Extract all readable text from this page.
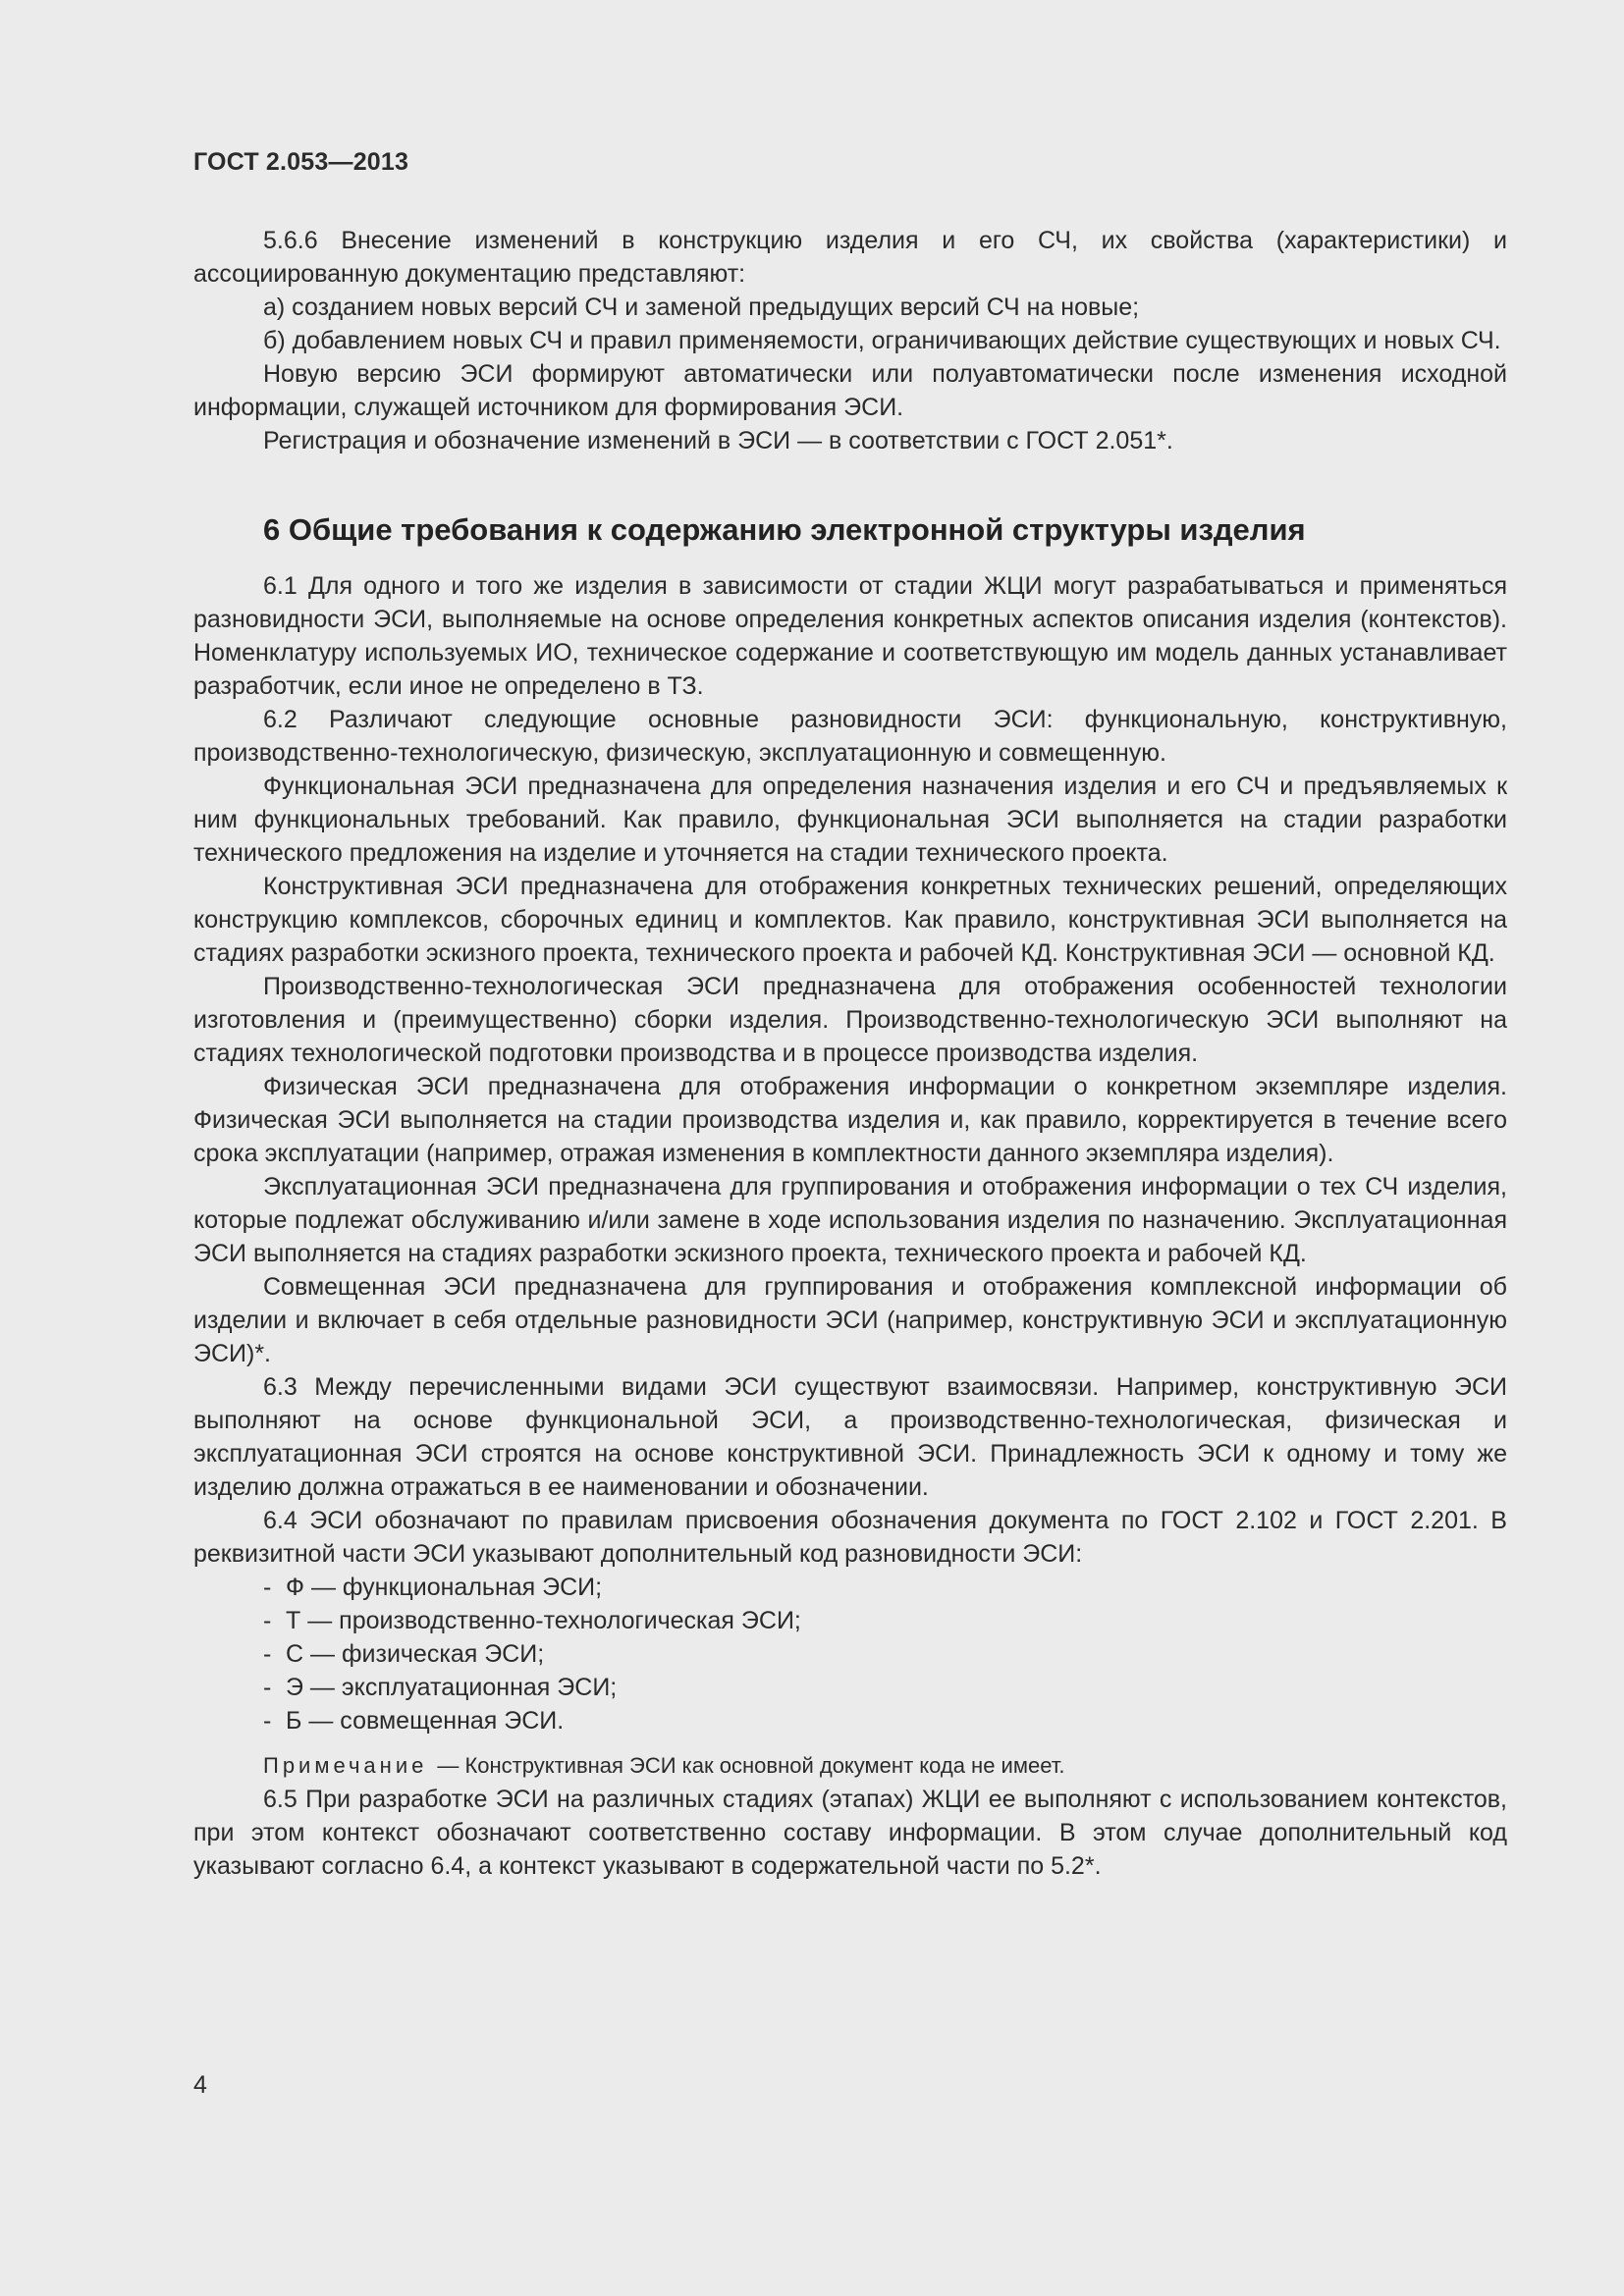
ГОСТ 2.053—2013

5.6.6 Внесение изменений в конструкцию изделия и его СЧ, их свойства (характеристики) и ассоциированную документацию представляют:

а) созданием новых версий СЧ и заменой предыдущих версий СЧ на новые;

б) добавлением новых СЧ и правил применяемости, ограничивающих действие существующих и новых СЧ.

Новую версию ЭСИ формируют автоматически или полуавтоматически после изменения исходной информации, служащей источником для формирования ЭСИ.

Регистрация и обозначение изменений в ЭСИ — в соответствии с ГОСТ 2.051*.

6 Общие требования к содержанию электронной структуры изделия

6.1 Для одного и того же изделия в зависимости от стадии ЖЦИ могут разрабатываться и применяться разновидности ЭСИ, выполняемые на основе определения конкретных аспектов описания изделия (контекстов). Номенклатуру используемых ИО, техническое содержание и соответствующую им модель данных устанавливает разработчик, если иное не определено в ТЗ.

6.2 Различают следующие основные разновидности ЭСИ: функциональную, конструктивную, производственно-технологическую, физическую, эксплуатационную и совмещенную.

Функциональная ЭСИ предназначена для определения назначения изделия и его СЧ и предъявляемых к ним функциональных требований. Как правило, функциональная ЭСИ выполняется на стадии разработки технического предложения на изделие и уточняется на стадии технического проекта.

Конструктивная ЭСИ предназначена для отображения конкретных технических решений, определяющих конструкцию комплексов, сборочных единиц и комплектов. Как правило, конструктивная ЭСИ выполняется на стадиях разработки эскизного проекта, технического проекта и рабочей КД. Конструктивная ЭСИ — основной КД.

Производственно-технологическая ЭСИ предназначена для отображения особенностей технологии изготовления и (преимущественно) сборки изделия. Производственно-технологическую ЭСИ выполняют на стадиях технологической подготовки производства и в процессе производства изделия.

Физическая ЭСИ предназначена для отображения информации о конкретном экземпляре изделия. Физическая ЭСИ выполняется на стадии производства изделия и, как правило, корректируется в течение всего срока эксплуатации (например, отражая изменения в комплектности данного экземпляра изделия).

Эксплуатационная ЭСИ предназначена для группирования и отображения информации о тех СЧ изделия, которые подлежат обслуживанию и/или замене в ходе использования изделия по назначению. Эксплуатационная ЭСИ выполняется на стадиях разработки эскизного проекта, технического проекта и рабочей КД.

Совмещенная ЭСИ предназначена для группирования и отображения комплексной информации об изделии и включает в себя отдельные разновидности ЭСИ (например, конструктивную ЭСИ и эксплуатационную ЭСИ)*.

6.3 Между перечисленными видами ЭСИ существуют взаимосвязи. Например, конструктивную ЭСИ выполняют на основе функциональной ЭСИ, а производственно-технологическая, физическая и эксплуатационная ЭСИ строятся на основе конструктивной ЭСИ. Принадлежность ЭСИ к одному и тому же изделию должна отражаться в ее наименовании и обозначении.

6.4 ЭСИ обозначают по правилам присвоения обозначения документа по ГОСТ 2.102 и ГОСТ 2.201. В реквизитной части ЭСИ указывают дополнительный код разновидности ЭСИ:

- Ф — функциональная ЭСИ;
- Т — производственно-технологическая ЭСИ;
- С — физическая ЭСИ;
- Э — эксплуатационная ЭСИ;
- Б — совмещенная ЭСИ.
Примечание — Конструктивная ЭСИ как основной документ кода не имеет.

6.5 При разработке ЭСИ на различных стадиях (этапах) ЖЦИ ее выполняют с использованием контекстов, при этом контекст обозначают соответственно составу информации. В этом случае дополнительный код указывают согласно 6.4, а контекст указывают в содержательной части по 5.2*.

4
